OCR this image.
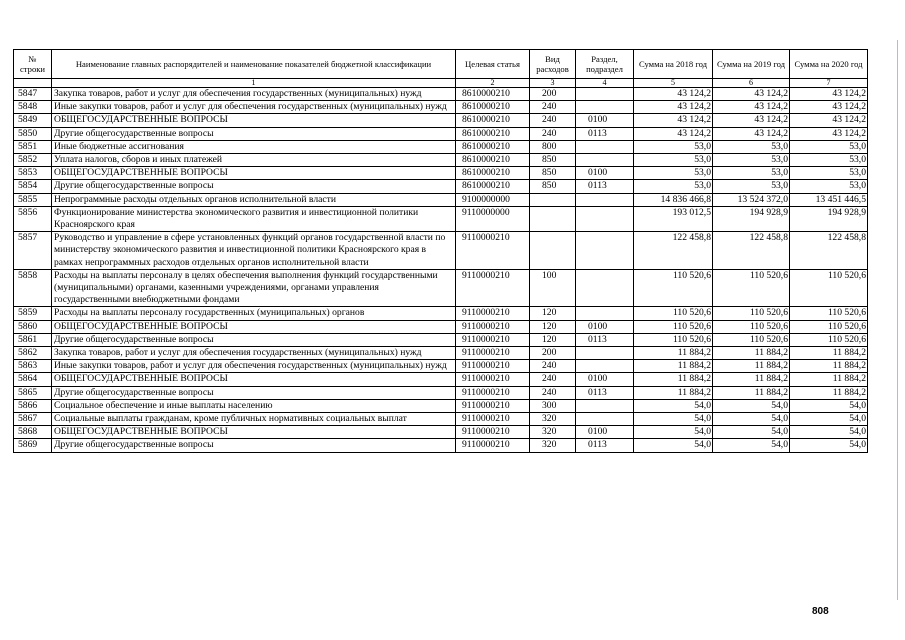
№ строки	Наименование главных распорядителей и наименование показателей бюджетной классификации	Целевая статья	Вид расходов	Раздел, подраздел	Сумма на 2018 год	Сумма на 2019 год	Сумма на 2020 год
	1	2	3	4	5	6	7
5847	Закупка товаров, работ и услуг для обеспечения государственных (муниципальных) нужд	8610000210	200		43 124,2	43 124,2	43 124,2
5848	Иные закупки товаров, работ и услуг для обеспечения государственных (муниципальных) нужд	8610000210	240		43 124,2	43 124,2	43 124,2
5849	ОБЩЕГОСУДАРСТВЕННЫЕ ВОПРОСЫ	8610000210	240	0100	43 124,2	43 124,2	43 124,2
5850	Другие общегосударственные вопросы	8610000210	240	0113	43 124,2	43 124,2	43 124,2
5851	Иные бюджетные ассигнования	8610000210	800		53,0	53,0	53,0
5852	Уплата налогов, сборов и иных платежей	8610000210	850		53,0	53,0	53,0
5853	ОБЩЕГОСУДАРСТВЕННЫЕ ВОПРОСЫ	8610000210	850	0100	53,0	53,0	53,0
5854	Другие общегосударственные вопросы	8610000210	850	0113	53,0	53,0	53,0
5855	Непрограммные расходы отдельных органов исполнительной власти	9100000000			14 836 466,8	13 524 372,0	13 451 446,5
5856	Функционирование министерства экономического развития и инвестиционной политики Красноярского края	9110000000			193 012,5	194 928,9	194 928,9
5857	Руководство и управление в сфере установленных функций органов государственной власти по министерству экономического развития и инвестиционной политики Красноярского края в рамках непрограммных расходов отдельных органов исполнительной власти	9110000210			122 458,8	122 458,8	122 458,8
5858	Расходы на выплаты персоналу в целях обеспечения выполнения функций государственными (муниципальными) органами, казенными учреждениями, органами управления государственными внебюджетными фондами	9110000210	100		110 520,6	110 520,6	110 520,6
5859	Расходы на выплаты персоналу государственных (муниципальных) органов	9110000210	120		110 520,6	110 520,6	110 520,6
5860	ОБЩЕГОСУДАРСТВЕННЫЕ ВОПРОСЫ	9110000210	120	0100	110 520,6	110 520,6	110 520,6
5861	Другие общегосударственные вопросы	9110000210	120	0113	110 520,6	110 520,6	110 520,6
5862	Закупка товаров, работ и услуг для обеспечения государственных (муниципальных) нужд	9110000210	200		11 884,2	11 884,2	11 884,2
5863	Иные закупки товаров, работ и услуг для обеспечения государственных (муниципальных) нужд	9110000210	240		11 884,2	11 884,2	11 884,2
5864	ОБЩЕГОСУДАРСТВЕННЫЕ ВОПРОСЫ	9110000210	240	0100	11 884,2	11 884,2	11 884,2
5865	Другие общегосударственные вопросы	9110000210	240	0113	11 884,2	11 884,2	11 884,2
5866	Социальное обеспечение и иные выплаты населению	9110000210	300		54,0	54,0	54,0
5867	Социальные выплаты гражданам, кроме публичных нормативных социальных выплат	9110000210	320		54,0	54,0	54,0
5868	ОБЩЕГОСУДАРСТВЕННЫЕ ВОПРОСЫ	9110000210	320	0100	54,0	54,0	54,0
5869	Другие общегосударственные вопросы	9110000210	320	0113	54,0	54,0	54,0
808
